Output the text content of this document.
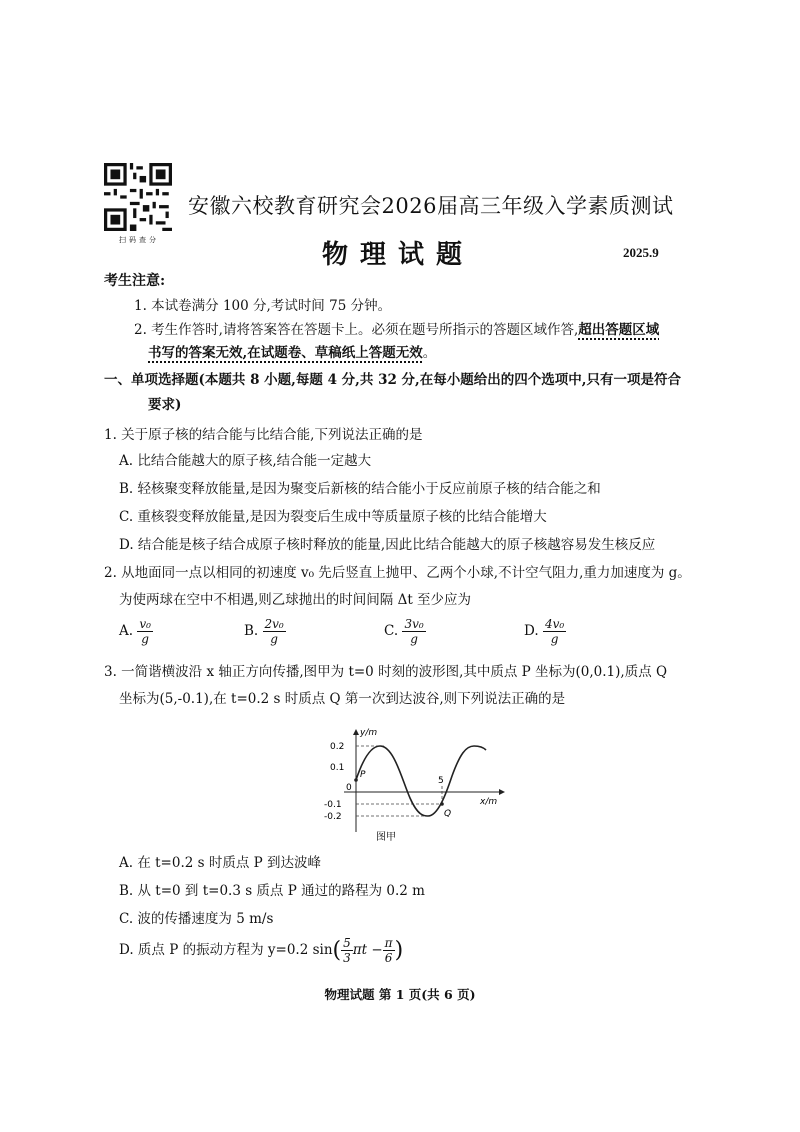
扫码查分
安徽六校教育研究会2026届高三年级入学素质测试
物理试题	2025.9
考生注意:
1. 本试卷满分 100 分,考试时间 75 分钟。
2. 考生作答时,请将答案答在答题卡上。必须在题号所指示的答题区域作答,超出答题区域
书写的答案无效,在试题卷、草稿纸上答题无效。
一、单项选择题(本题共 8 小题,每题 4 分,共 32 分,在每小题给出的四个选项中,只有一项是符合
要求)
1. 关于原子核的结合能与比结合能,下列说法正确的是
A. 比结合能越大的原子核,结合能一定越大
B. 轻核聚变释放能量,是因为聚变后新核的结合能小于反应前原子核的结合能之和
C. 重核裂变释放能量,是因为裂变后生成中等质量原子核的比结合能增大
D. 结合能是核子结合成原子核时释放的能量,因此比结合能越大的原子核越容易发生核反应
2. 从地面同一点以相同的初速度 v₀ 先后竖直上抛甲、乙两个小球,不计空气阻力,重力加速度为 g。
为使两球在空中不相遇,则乙球抛出的时间间隔 Δt 至少应为
A. $\frac{\text{v₀}}{g}$	B. $\frac{\text{2v₀}}{g}$	C. $\frac{\text{3v₀}}{g}$	D. $\frac{\text{4v₀}}{g}$
3. 一简谐横波沿 x 轴正方向传播,图甲为 t=0 时刻的波形图,其中质点 P 坐标为(0,0.1),质点 Q
坐标为(5,-0.1),在 t=0.2 s 时质点 Q 第一次到达波谷,则下列说法正确的是
y/m
x/m
0
0.2
0.1
-0.1
-0.2
5
P
Q
图甲
A. 在 t=0.2 s 时质点 P 到达波峰
B. 从 t=0 到 t=0.3 s 质点 P 通过的路程为 0.2 m
C. 波的传播速度为 5 m/s
D. 质点 P 的振动方程为 y=0.2 $\sin( \frac{5}{3}$ $\pi t - \frac{\pi}{6}$ )
物理试题 第 1 页(共 6 页)
